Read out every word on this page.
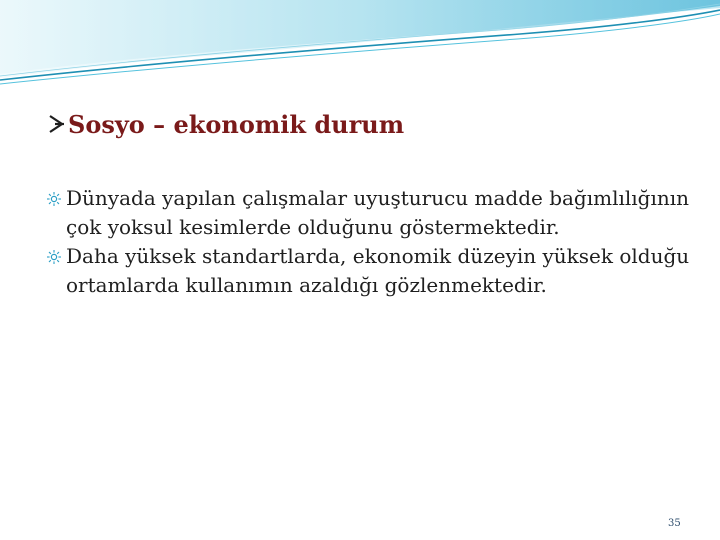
Sosyo – ekonomik durum
Dünyada yapılan çalışmalar uyuşturucu madde bağımlılığının çok yoksul kesimlerde olduğunu göstermektedir.
Daha yüksek standartlarda, ekonomik düzeyin yüksek olduğu ortamlarda kullanımın azaldığı gözlenmektedir.
35
